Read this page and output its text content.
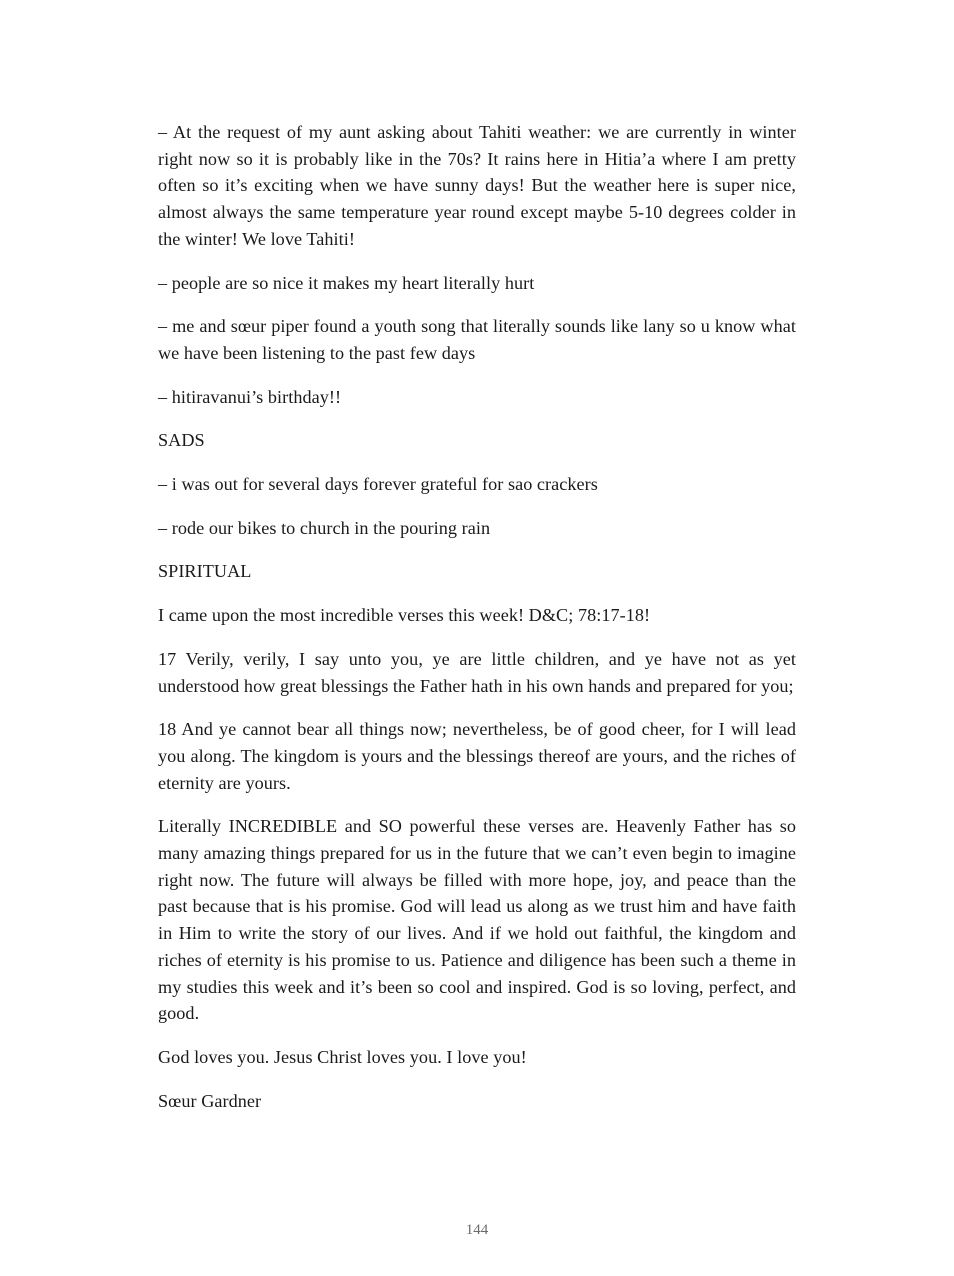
– At the request of my aunt asking about Tahiti weather: we are currently in winter right now so it is probably like in the 70s? It rains here in Hitia’a where I am pretty often so it’s exciting when we have sunny days! But the weather here is super nice, almost always the same temperature year round except maybe 5-10 degrees colder in the winter! We love Tahiti!

– people are so nice it makes my heart literally hurt

– me and sœur piper found a youth song that literally sounds like lany so u know what we have been listening to the past few days

– hitiravanui’s birthday!!

SADS

– i was out for several days forever grateful for sao crackers

– rode our bikes to church in the pouring rain

SPIRITUAL

I came upon the most incredible verses this week! D&C; 78:17-18!

17 Verily, verily, I say unto you, ye are little children, and ye have not as yet understood how great blessings the Father hath in his own hands and prepared for you;

18 And ye cannot bear all things now; nevertheless, be of good cheer, for I will lead you along. The kingdom is yours and the blessings thereof are yours, and the riches of eternity are yours.

Literally INCREDIBLE and SO powerful these verses are. Heavenly Father has so many amazing things prepared for us in the future that we can’t even begin to imagine right now. The future will always be filled with more hope, joy, and peace than the past because that is his promise. God will lead us along as we trust him and have faith in Him to write the story of our lives. And if we hold out faithful, the kingdom and riches of eternity is his promise to us. Patience and diligence has been such a theme in my studies this week and it’s been so cool and inspired. God is so loving, perfect, and good.

God loves you. Jesus Christ loves you. I love you!

Sœur Gardner

144
